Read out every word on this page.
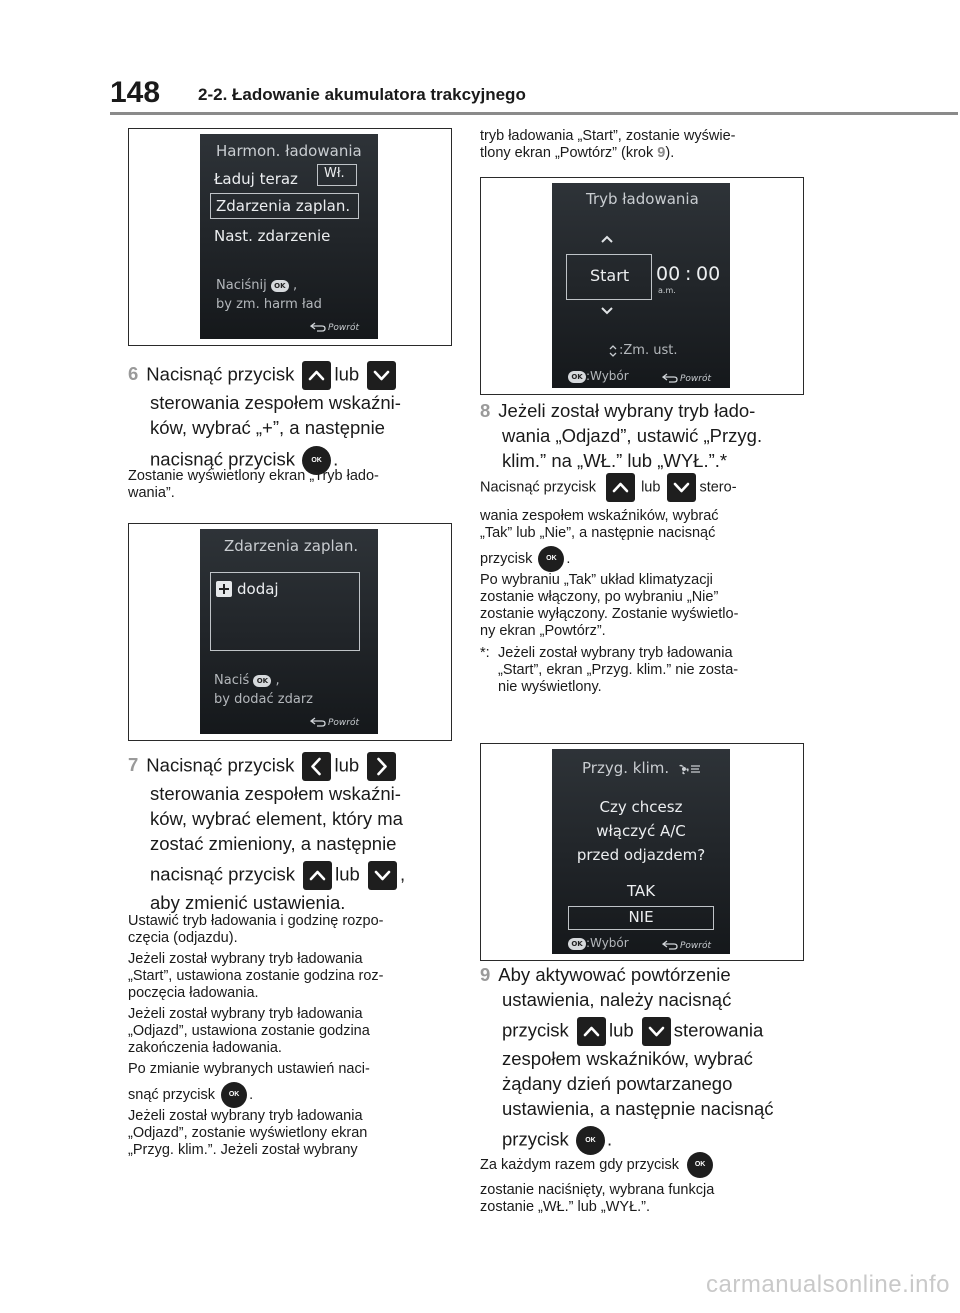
148	2-2. Ładowanie akumulatora trakcyjnego
Harmon. ładowania
Ładuj teraz Wł.
Zdarzenia zaplan.
Nast. zdarzenie
Naciśnij OK ,
by zm. harm ład
Powrót
6 Nacisnąć przycisk lub
sterowania zespołem wskaźni-
ków, wybrać „+”, a następnie
nacisnąć przycisk OK .
Zostanie wyświetlony ekran „Tryb łado-
wania”.
Zdarzenia zaplan.
dodaj
Naciś OK ,
by dodać zdarz
Powrót
7 Nacisnąć przycisk lub
sterowania zespołem wskaźni-
ków, wybrać element, który ma
zostać zmieniony, a następnie
nacisnąć przycisk lub ,
aby zmienić ustawienia.
Ustawić tryb ładowania i godzinę rozpo-
częcia (odjazdu).
Jeżeli został wybrany tryb ładowania
„Start”, ustawiona zostanie godzina roz-
poczęcia ładowania.
Jeżeli został wybrany tryb ładowania
„Odjazd”, ustawiona zostanie godzina
zakończenia ładowania.
Po zmianie wybranych ustawień naci-
snąć przycisk OK .
Jeżeli został wybrany tryb ładowania
„Odjazd”, zostanie wyświetlony ekran
„Przyg. klim.”. Jeżeli został wybrany
tryb ładowania „Start”, zostanie wyświe-
tlony ekran „Powtórz” (krok 9).
Tryb ładowania
Start 00 : 00
a.m.
:Zm. ust.
OK :Wybór	Powrót
8 Jeżeli został wybrany tryb łado-
wania „Odjazd”, ustawić „Przyg.
klim.” na „WŁ.” lub „WYŁ.”.*
Nacisnąć przycisk	lub	stero-
wania zespołem wskaźników, wybrać
„Tak” lub „Nie”, a następnie nacisnąć
przycisk OK .
Po wybraniu „Tak” układ klimatyzacji
zostanie włączony, po wybraniu „Nie”
zostanie wyłączony. Zostanie wyświetlo-
ny ekran „Powtórz”.
*: Jeżeli został wybrany tryb ładowania
„Start”, ekran „Przyg. klim.” nie zosta-
nie wyświetlony.
Przyg. klim.
Czy chcesz
włączyć A/C
przed odjazdem?
TAK
NIE
OK :Wybór	Powrót
9 Aby aktywować powtórzenie
ustawienia, należy nacisnąć
przycisk lub sterowania
zespołem wskaźników, wybrać
żądany dzień powtarzanego
ustawienia, a następnie nacisnąć
przycisk OK .
Za każdym razem gdy przycisk OK
zostanie naciśnięty, wybrana funkcja
zostanie „WŁ.” lub „WYŁ.”.
carmanualsonline.info
